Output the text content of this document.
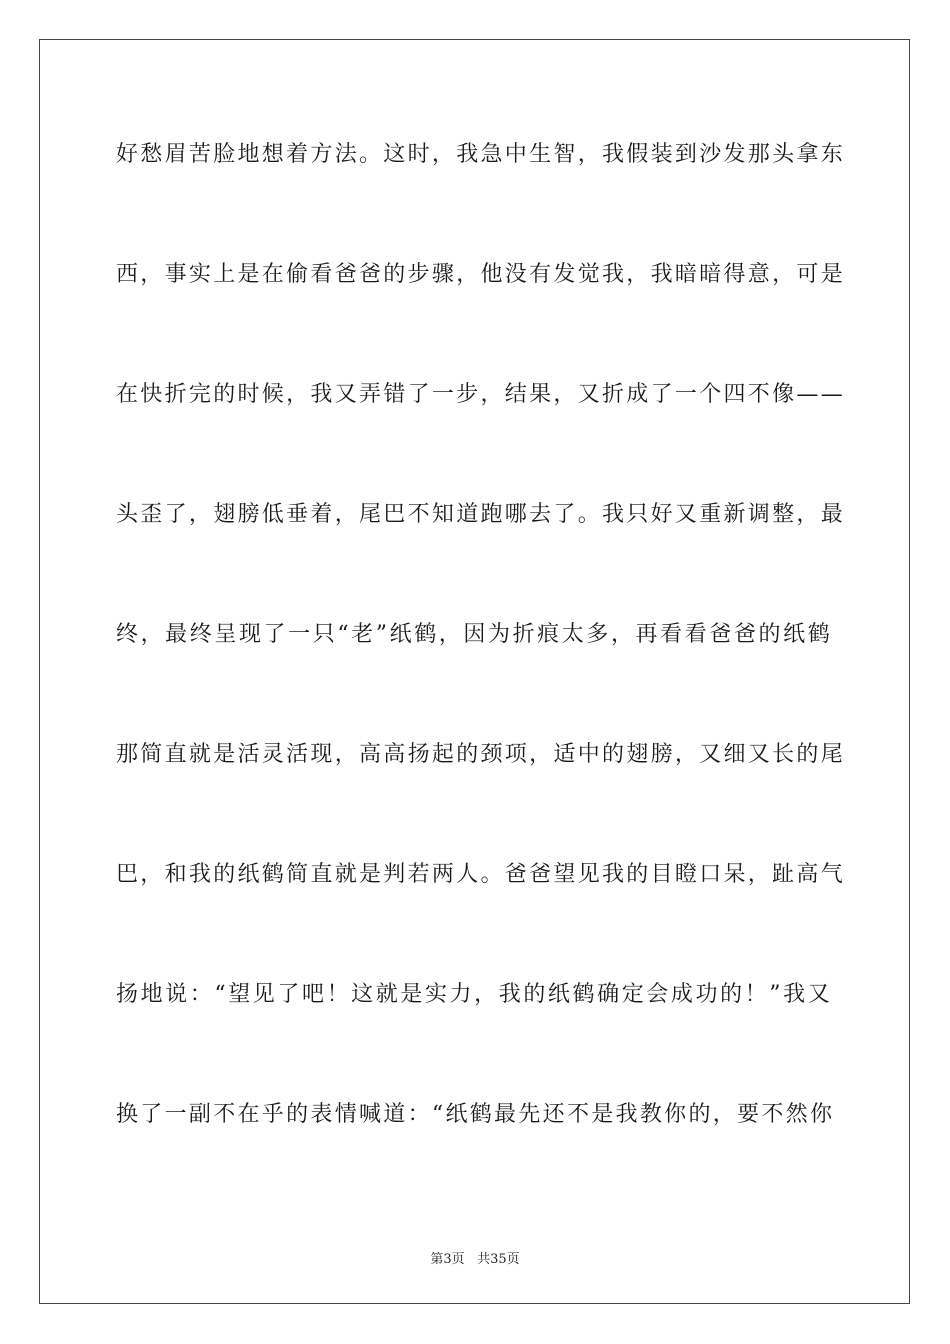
好愁眉苦脸地想着方法。这时，我急中生智，我假装到沙发那头拿东
西，事实上是在偷看爸爸的步骤，他没有发觉我，我暗暗得意，可是
在快折完的时候，我又弄错了一步，结果，又折成了一个四不像——
头歪了，翅膀低垂着，尾巴不知道跑哪去了。我只好又重新调整，最
终，最终呈现了一只“老”纸鹤，因为折痕太多，再看看爸爸的纸鹤
那简直就是活灵活现，高高扬起的颈项，适中的翅膀，又细又长的尾
巴，和我的纸鹤简直就是判若两人。爸爸望见我的目瞪口呆，趾高气
扬地说：“望见了吧！这就是实力，我的纸鹤确定会成功的！”我又
换了一副不在乎的表情喊道：“纸鹤最先还不是我教你的，要不然你
第3页 共35页
